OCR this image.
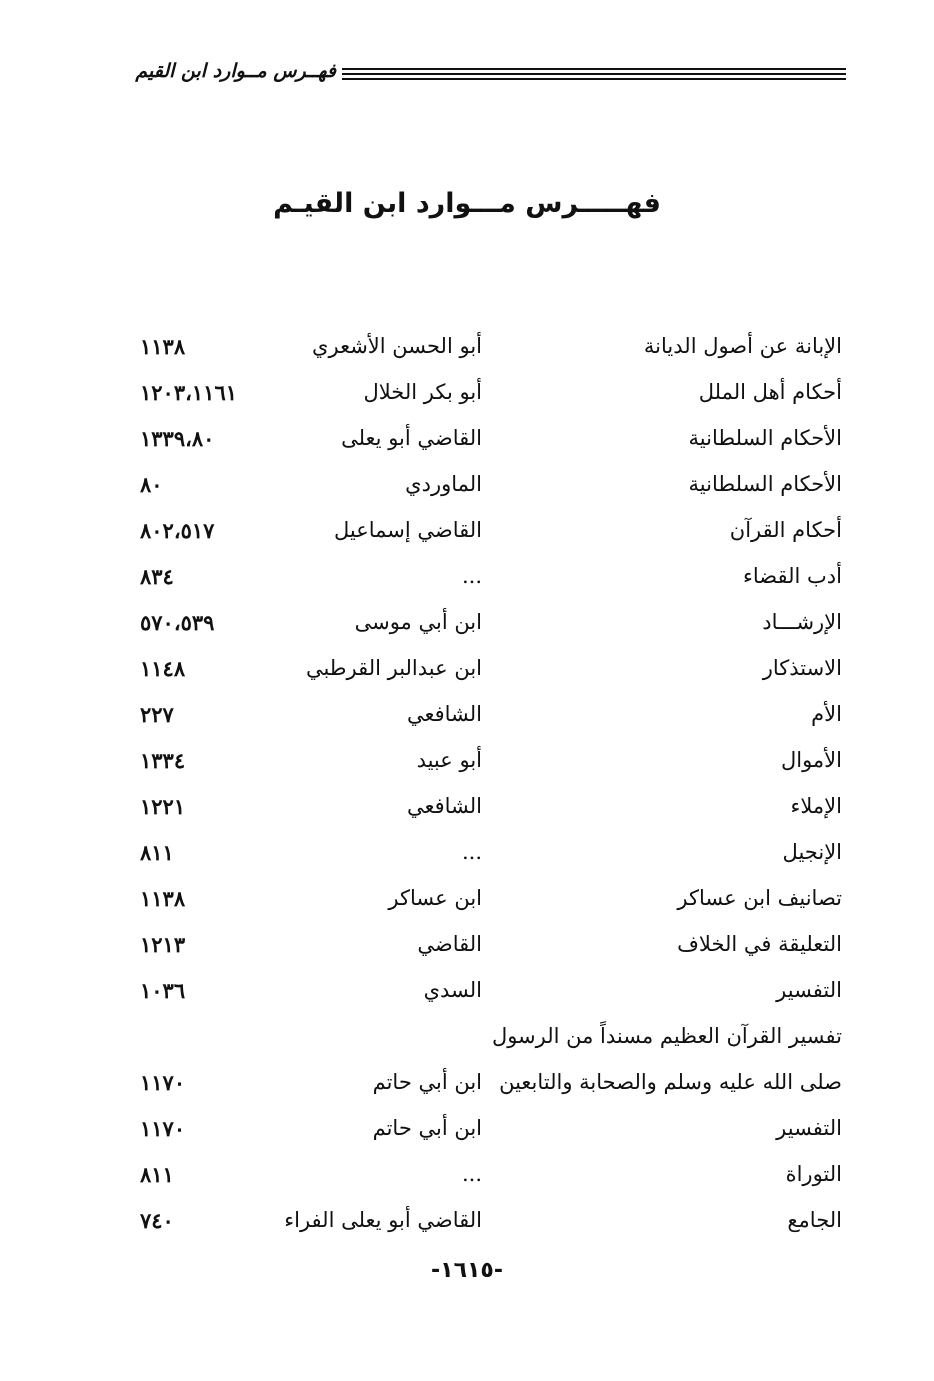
فهــرس مــوارد ابن القيم
فهـــــرس مـــوارد ابن القيـم
الإبانة عن أصول الديانة
أبو الحسن الأشعري
١١٣٨
أحكام أهل الملل
أبو بكر الخلال
١٢٠٣،١١٦١
الأحكام السلطانية
القاضي أبو يعلى
١٣٣٩،٨٠
الأحكام السلطانية
الماوردي
٨٠
أحكام القرآن
القاضي إسماعيل
٨٠٢،٥١٧
أدب القضاء
...
٨٣٤
الإرشـــاد
ابن أبي موسى
٥٧٠،٥٣٩
الاستذكار
ابن عبدالبر القرطبي
١١٤٨
الأم
الشافعي
٢٢٧
الأموال
أبو عبيد
١٣٣٤
الإملاء
الشافعي
١٢٢١
الإنجيل
...
٨١١
تصانيف ابن عساكر
ابن عساكر
١١٣٨
التعليقة في الخلاف
القاضي
١٢١٣
التفسير
السدي
١٠٣٦
تفسير القرآن العظيم مسنداً من الرسول
صلى الله عليه وسلم والصحابة والتابعين
ابن أبي حاتم
١١٧٠
التفسير
ابن أبي حاتم
١١٧٠
التوراة
...
٨١١
الجامع
القاضي أبو يعلى الفراء
٧٤٠
-١٦١٥-
